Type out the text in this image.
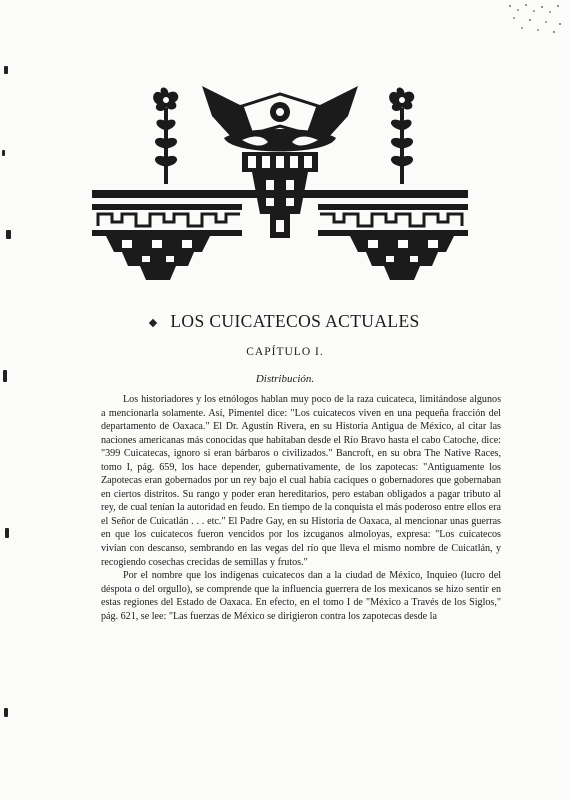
LOS CUICATECOS ACTUALES
CAPÍTULO I.
Distribución.

Los historiadores y los etnólogos hablan muy poco de la raza cuicateca, limitándose algunos a mencionarla solamente. Así, Pimentel dice: "Los cuicatecos viven en una pequeña fracción del departamento de Oaxaca." El Dr. Agustín Rivera, en su Historia Antigua de México, al citar las naciones americanas más conocidas que habitaban desde el Río Bravo hasta el cabo Catoche, dice: "399 Cuicatecas, ignoro si eran bárbaros o civilizados." Bancroft, en su obra The Native Races, tomo I, pág. 659, los hace depender, gubernativamente, de los zapotecas: "Antiguamente los Zapotecas eran gobernados por un rey bajo el cual había caciques o gobernadores que gobernaban en ciertos distritos. Su rango y poder eran hereditarios, pero estaban obligados a pagar tributo al rey, de cual tenían la autoridad en feudo. En tiempo de la conquista el más poderoso entre ellos era el Señor de Cuicatlán . . . etc." El Padre Gay, en su Historia de Oaxaca, al mencionar unas guerras en que los cuicatecos fueron vencidos por los izcuganos almoloyas, expresa: "Los cuicatecos vivían con descanso, sembrando en las vegas del río que lleva el mismo nombre de Cuicatlán, y recogiendo cosechas crecidas de semillas y frutos."

Por el nombre que los indígenas cuicatecos dan a la ciudad de México, Inquieo (lucro del déspota o del orgullo), se comprende que la influencia guerrera de los mexicanos se hizo sentir en estas regiones del Estado de Oaxaca. En efecto, en el tomo I de "México a Través de los Siglos," pág. 621, se lee: "Las fuerzas de México se dirigieron contra los zapotecas desde la
